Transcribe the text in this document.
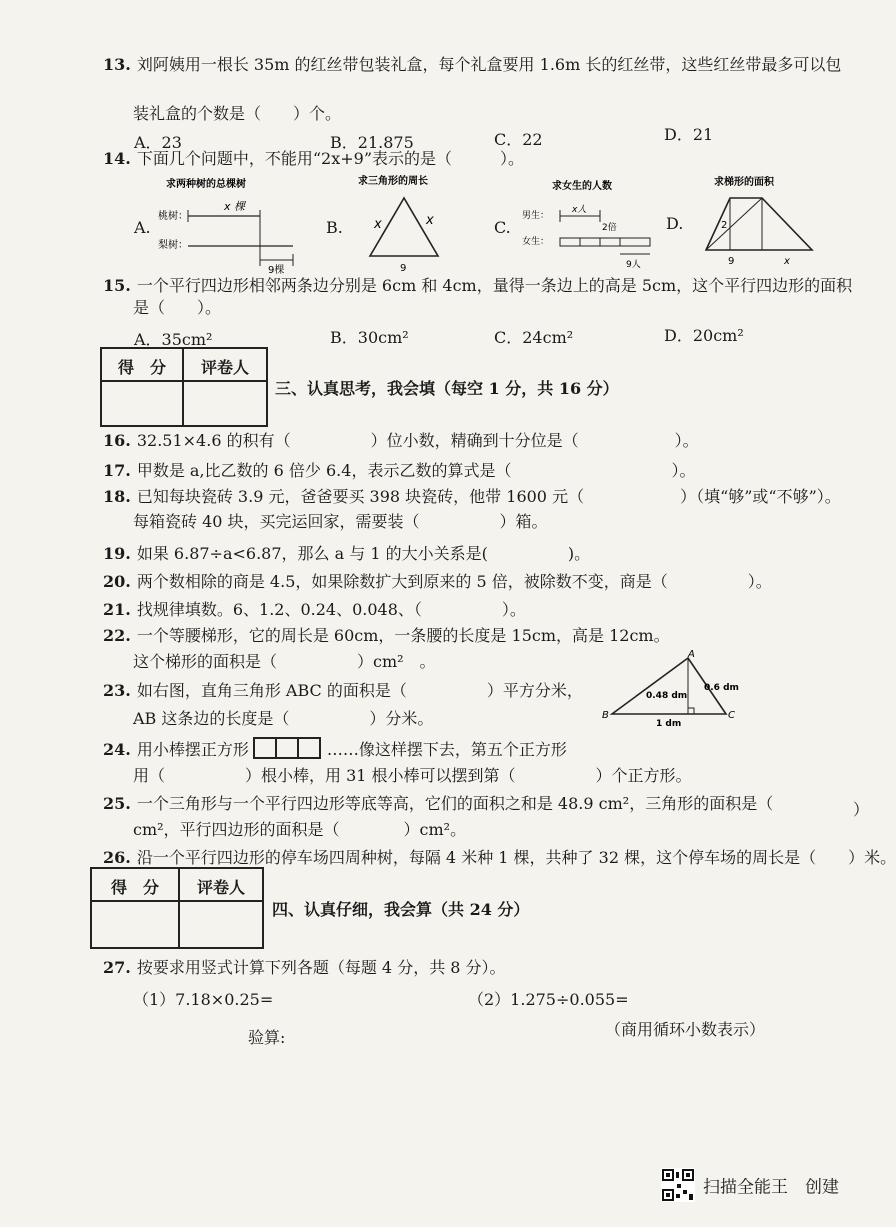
13. 刘阿姨用一根长 35m 的红丝带包装礼盒，每个礼盒要用 1.6m 长的红丝带，这些红丝带最多可以包
装礼盒的个数是（　　）个。
A．23	B．21.875	C．22	D．21
14. 下面几个问题中，不能用“2x+9”表示的是（　　　）。
A.
求两种树的总棵树
桃树：
梨树：
x 棵
9棵
B.
求三角形的周长
x	x
9
C.
求女生的人数
男生：
女生：
x人
2倍
9人
D.
求梯形的面积
2
9	x
15. 一个平行四边形相邻两条边分别是 6cm 和 4cm，量得一条边上的高是 5cm，这个平行四边形的面积
是（　　）。
A．35cm²	B．30cm²	C．24cm²	D．20cm²
得　分	评卷人
三、认真思考，我会填（每空 1 分，共 16 分）
16. 32.51×4.6 的积有（　　　　　）位小数，精确到十分位是（　　　　　　）。
17. 甲数是 a,比乙数的 6 倍少 6.4，表示乙数的算式是（　　　　　　　　　　）。
18. 已知每块瓷砖 3.9 元，爸爸要买 398 块瓷砖，他带 1600 元（　　　　　　）（填“够”或“不够”）。
每箱瓷砖 40 块，买完运回家，需要装（　　　　　）箱。
19. 如果 6.87÷a<6.87，那么 a 与 1 的大小关系是(　　　　　)。
20. 两个数相除的商是 4.5，如果除数扩大到原来的 5 倍，被除数不变，商是（　　　　　）。
21. 找规律填数。6、1.2、0.24、0.048、（　　　　　）。
22. 一个等腰梯形，它的周长是 60cm，一条腰的长度是 15cm，高是 12cm。
这个梯形的面积是（　　　　　）cm²　。
23. 如右图，直角三角形 ABC 的面积是（　　　　　）平方分米，
AB 这条边的长度是（　　　　　）分米。
A
B	C
0.48 dm
0.6 dm
1 dm
24. 用小棒摆正方形	……像这样摆下去，第五个正方形
用（　　　　　）根小棒，用 31 根小棒可以摆到第（　　　　　）个正方形。
25. 一个三角形与一个平行四边形等底等高，它们的面积之和是 48.9 cm²，三角形的面积是（	）
cm²，平行四边形的面积是（　　　　）cm²。
26. 沿一个平行四边形的停车场四周种树，每隔 4 米种 1 棵，共种了 32 棵，这个停车场的周长是（　　）米。
得　分	评卷人
四、认真仔细，我会算（共 24 分）
27. 按要求用竖式计算下列各题（每题 4 分，共 8 分）。
（1）7.18×0.25=	（2）1.275÷0.055=
验算:	（商用循环小数表示）
扫描全能王　创建
